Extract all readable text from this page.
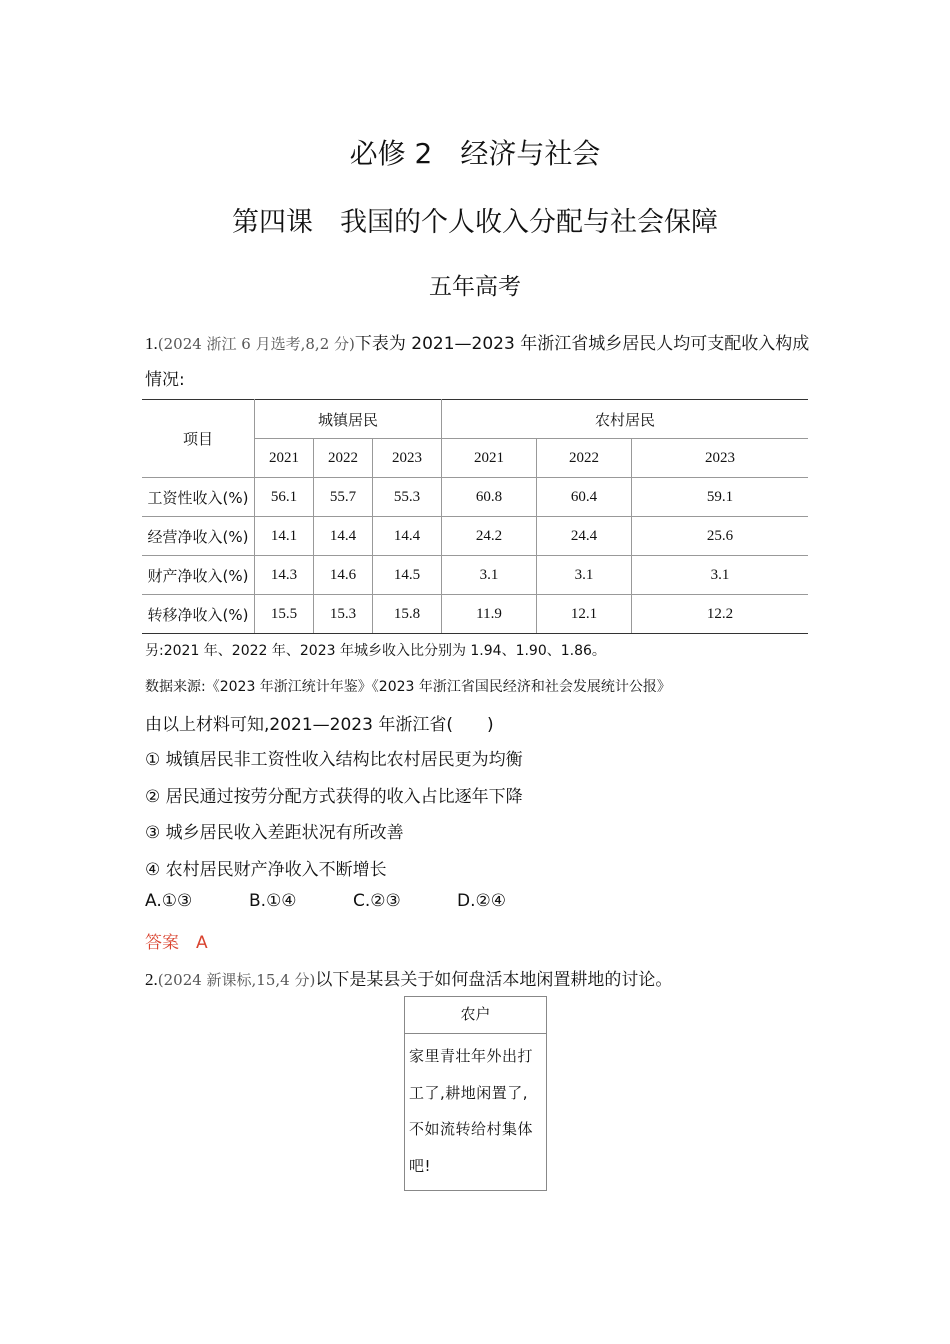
必修 2　经济与社会
第四课　我国的个人收入分配与社会保障
五年高考
1.(2024 浙江 6 月选考,8,2 分)下表为 2021—2023 年浙江省城乡居民人均可支配收入构成
情况:
项目	城镇居民			农村居民		
	2021	2022	2023	2021	2022	2023
工资性收入(%)	56.1	55.7	55.3	60.8	60.4	59.1
经营净收入(%)	14.1	14.4	14.4	24.2	24.4	25.6
财产净收入(%)	14.3	14.6	14.5	3.1	3.1	3.1
转移净收入(%)	15.5	15.3	15.8	11.9	12.1	12.2
另:2021 年、2022 年、2023 年城乡收入比分别为 1.94、1.90、1.86。
数据来源:《2023 年浙江统计年鉴》《2023 年浙江省国民经济和社会发展统计公报》
由以上材料可知,2021—2023 年浙江省(　　)
① 城镇居民非工资性收入结构比农村居民更为均衡
② 居民通过按劳分配方式获得的收入占比逐年下降
③ 城乡居民收入差距状况有所改善
④ 农村居民财产净收入不断增长
A.①③	B.①④	C.②③	D.②④
答案　A
2.(2024 新课标,15,4 分)以下是某县关于如何盘活本地闲置耕地的讨论。
农户
家里青壮年外出打
工了,耕地闲置了,
不如流转给村集体
吧!
